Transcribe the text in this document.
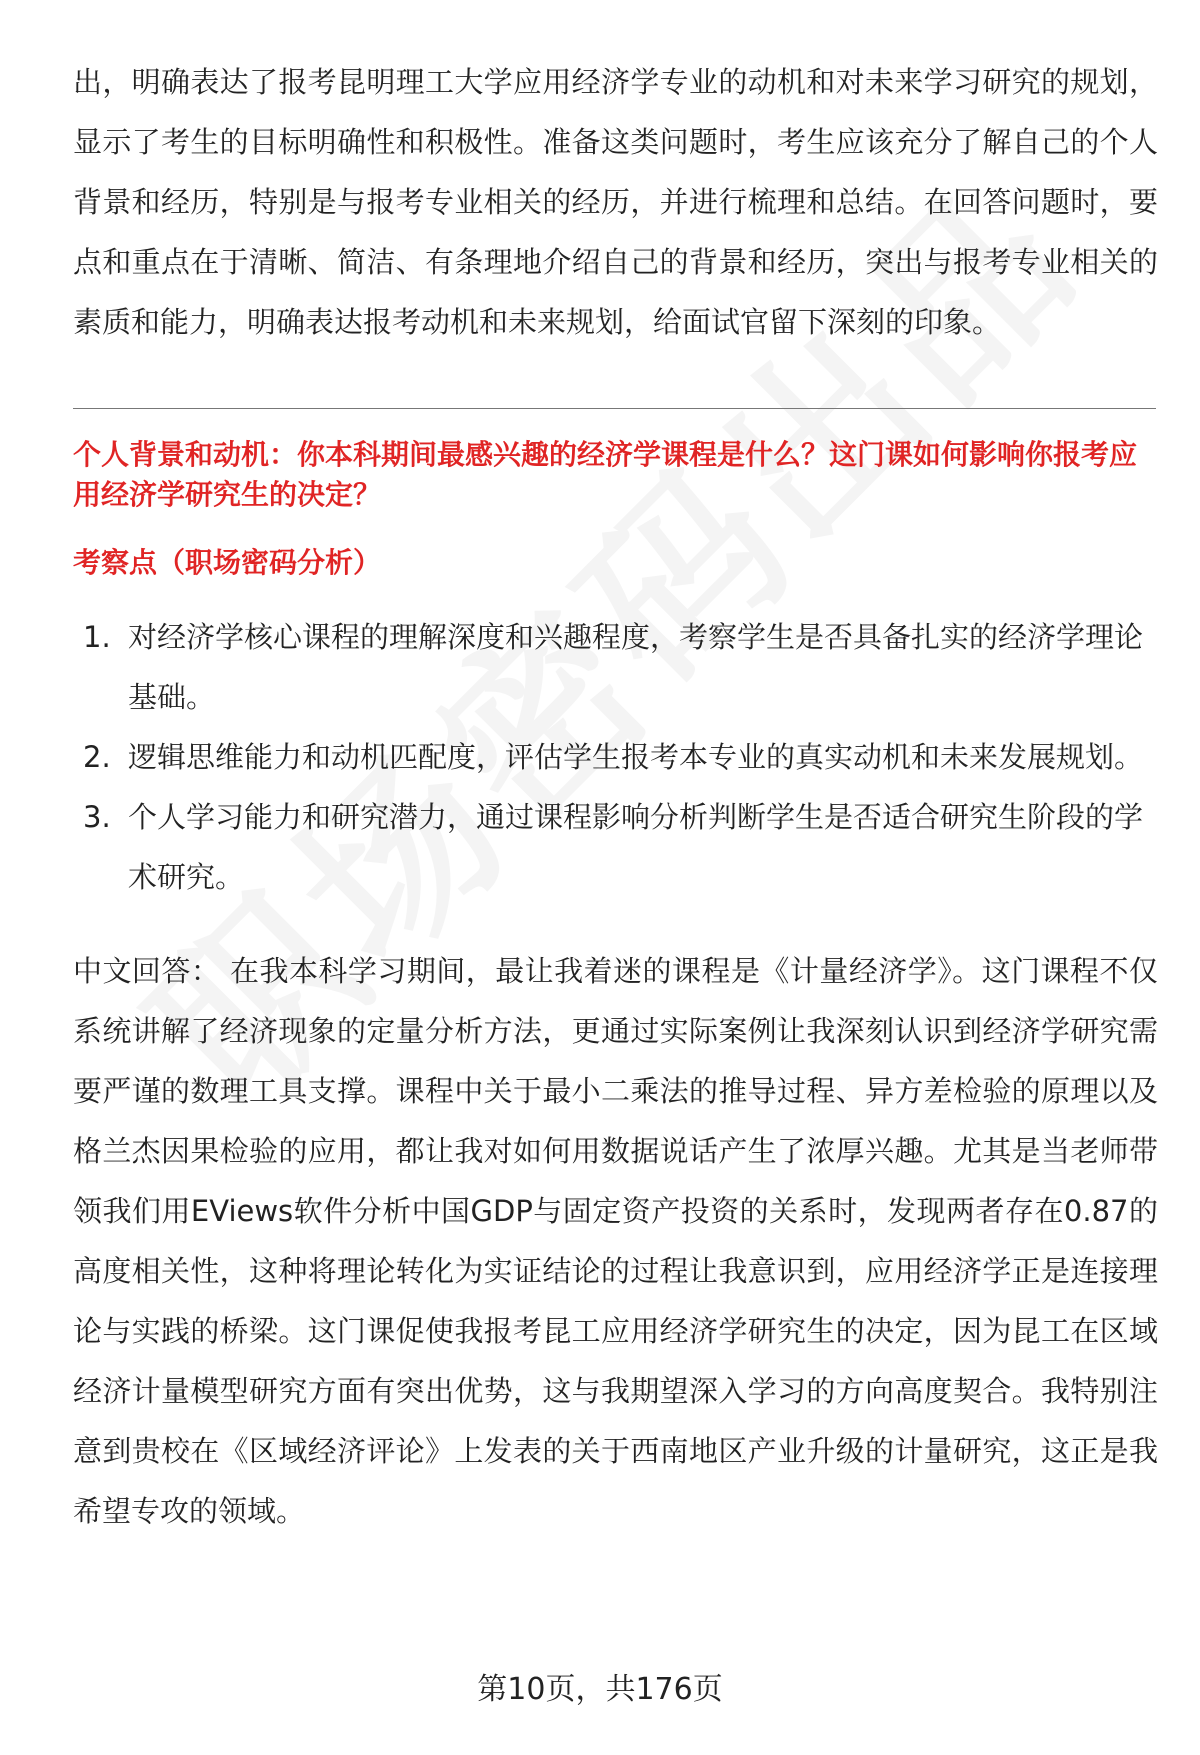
出，明确表达了报考昆明理工大学应用经济学专业的动机和对未来学习研究的规划，显示了考生的目标明确性和积极性。准备这类问题时，考生应该充分了解自己的个人背景和经历，特别是与报考专业相关的经历，并进行梳理和总结。在回答问题时，要点和重点在于清晰、简洁、有条理地介绍自己的背景和经历，突出与报考专业相关的素质和能力，明确表达报考动机和未来规划，给面试官留下深刻的印象。

个人背景和动机：你本科期间最感兴趣的经济学课程是什么？这门课如何影响你报考应用经济学研究生的决定？
考察点（职场密码分析）
1. 对经济学核心课程的理解深度和兴趣程度，考察学生是否具备扎实的经济学理论基础。
2. 逻辑思维能力和动机匹配度，评估学生报考本专业的真实动机和未来发展规划。
3. 个人学习能力和研究潜力，通过课程影响分析判断学生是否适合研究生阶段的学术研究。

中文回答： 在我本科学习期间，最让我着迷的课程是《计量经济学》。这门课程不仅系统讲解了经济现象的定量分析方法，更通过实际案例让我深刻认识到经济学研究需要严谨的数理工具支撑。课程中关于最小二乘法的推导过程、异方差检验的原理以及格兰杰因果检验的应用，都让我对如何用数据说话产生了浓厚兴趣。尤其是当老师带领我们用EViews软件分析中国GDP与固定资产投资的关系时，发现两者存在0.87的高度相关性，这种将理论转化为实证结论的过程让我意识到，应用经济学正是连接理论与实践的桥梁。这门课促使我报考昆工应用经济学研究生的决定，因为昆工在区域经济计量模型研究方面有突出优势，这与我期望深入学习的方向高度契合。我特别注意到贵校在《区域经济评论》上发表的关于西南地区产业升级的计量研究，这正是我希望专攻的领域。

第10页，共176页
